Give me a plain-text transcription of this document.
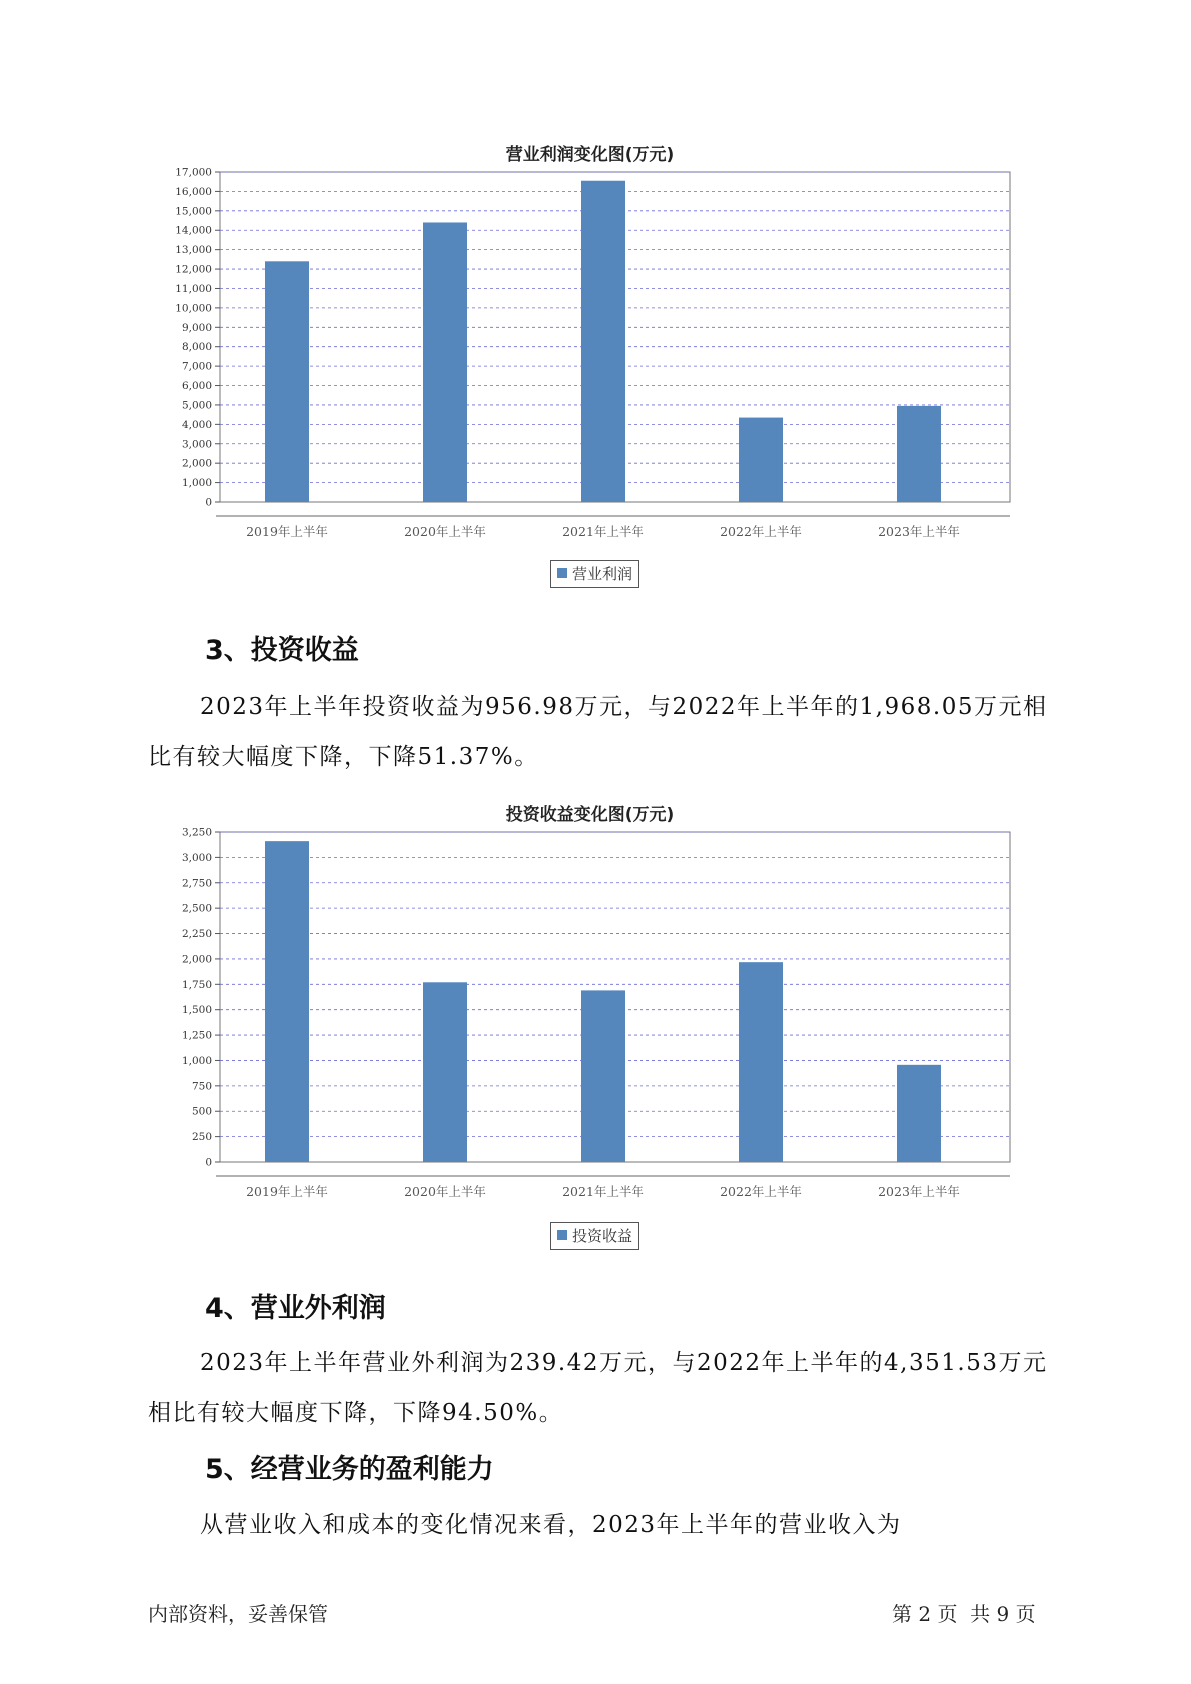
营业利润变化图(万元)
0
1,000
2,000
3,000
4,000
5,000
6,000
7,000
8,000
9,000
10,000
11,000
12,000
13,000
14,000
15,000
16,000
17,000
2019年上半年	2020年上半年	2021年上半年	2022年上半年	2023年上半年
营业利润
3、投资收益

2023年上半年投资收益为956.98万元，与2022年上半年的1,968.05万元相比有较大幅度下降，下降51.37%。

投资收益变化图(万元)
0
250
500
750
1,000
1,250
1,500
1,750
2,000
2,250
2,500
2,750
3,000
3,250
2019年上半年	2020年上半年	2021年上半年	2022年上半年	2023年上半年
投资收益
4、营业外利润

2023年上半年营业外利润为239.42万元，与2022年上半年的4,351.53万元相比有较大幅度下降，下降94.50%。

5、经营业务的盈利能力

从营业收入和成本的变化情况来看，2023年上半年的营业收入为

内部资料，妥善保管	第 2 页  共 9 页
